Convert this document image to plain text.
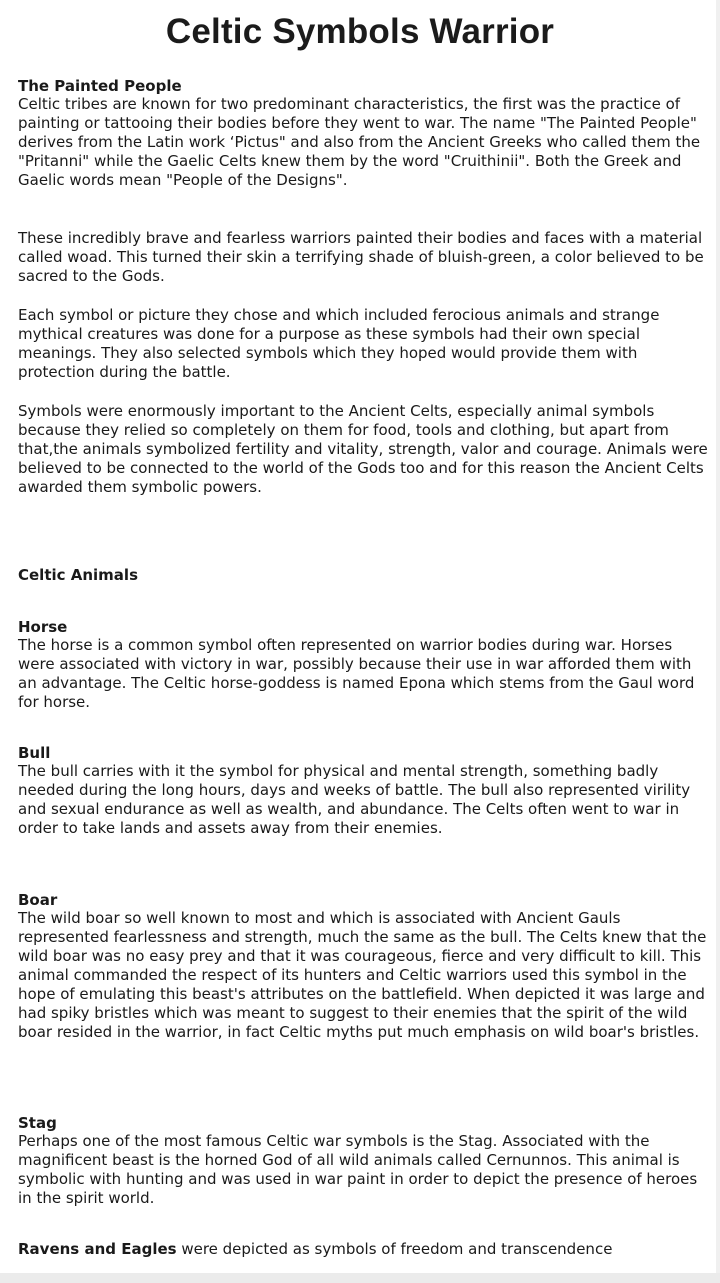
Celtic Symbols Warrior
The Painted People

Celtic tribes are known for two predominant characteristics, the first was the practice of painting or tattooing their bodies before they went to war. The name "The Painted People" derives from the Latin work ‘Pictus" and also from the Ancient Greeks who called them the "Pritanni" while the Gaelic Celts knew them by the word "Cruithinii". Both the Greek and Gaelic words mean "People of the Designs".

These incredibly brave and fearless warriors painted their bodies and faces with a material called woad. This turned their skin a terrifying shade of bluish-green, a color believed to be sacred to the Gods.

Each symbol or picture they chose and which included ferocious animals and strange mythical creatures was done for a purpose as these symbols had their own special meanings. They also selected symbols which they hoped would provide them with protection during the battle.

Symbols were enormously important to the Ancient Celts, especially animal symbols because they relied so completely on them for food, tools and clothing, but apart from that,the animals symbolized fertility and vitality, strength, valor and courage. Animals were believed to be connected to the world of the Gods too and for this reason the Ancient Celts awarded them symbolic powers.

Celtic Animals
Horse

The horse is a common symbol often represented on warrior bodies during war. Horses were associated with victory in war, possibly because their use in war afforded them with an advantage. The Celtic horse-goddess is named Epona which stems from the Gaul word for horse.

Bull

The bull carries with it the symbol for physical and mental strength, something badly needed during the long hours, days and weeks of battle. The bull also represented virility and sexual endurance as well as wealth, and abundance. The Celts often went to war in order to take lands and assets away from their enemies.

Boar

The wild boar so well known to most and which is associated with Ancient Gauls represented fearlessness and strength, much the same as the bull. The Celts knew that the wild boar was no easy prey and that it was courageous, fierce and very difficult to kill. This animal commanded the respect of its hunters and Celtic warriors used this symbol in the hope of emulating this beast's attributes on the battlefield. When depicted it was large and had spiky bristles which was meant to suggest to their enemies that the spirit of the wild boar resided in the warrior, in fact Celtic myths put much emphasis on wild boar's bristles.

Stag

Perhaps one of the most famous Celtic war symbols is the Stag. Associated with the magnificent beast is the horned God of all wild animals called Cernunnos. This animal is symbolic with hunting and was used in war paint in order to depict the presence of heroes in the spirit world.

Ravens and Eagles were depicted as symbols of freedom and transcendence
